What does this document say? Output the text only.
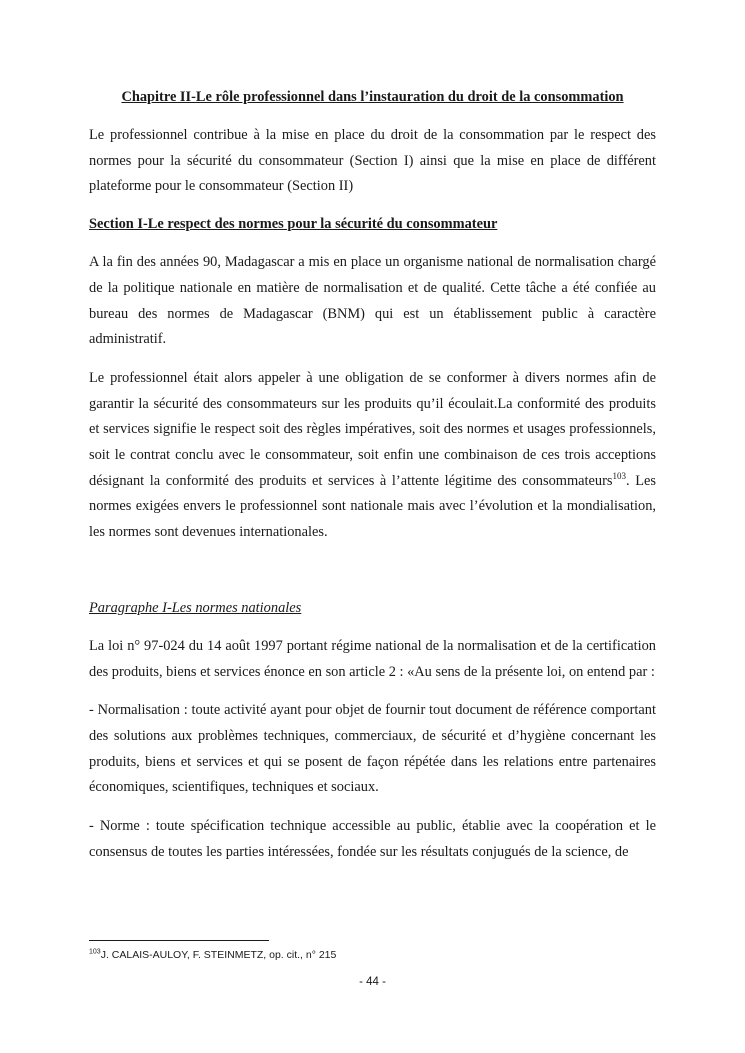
Chapitre II-Le rôle professionnel dans l’instauration du droit de la consommation

Le professionnel contribue à la mise en place du droit de la consommation par le respect des normes pour la sécurité du consommateur (Section I) ainsi que la mise en place de différent plateforme pour le consommateur (Section II)

Section I-Le respect des normes pour la sécurité du consommateur

A la fin des années 90, Madagascar a mis en place un organisme national de normalisation chargé de la politique nationale en matière de normalisation et de qualité. Cette tâche a été confiée au bureau des normes de Madagascar (BNM) qui est un établissement public à caractère administratif.

Le professionnel était alors appeler à une obligation de se conformer à divers normes afin de garantir la sécurité des consommateurs sur les produits qu’il écoulait.La conformité des produits et services signifie le respect soit des règles impératives, soit des normes et usages professionnels, soit le contrat conclu avec le consommateur, soit enfin une combinaison de ces trois acceptions désignant la conformité des produits et services à l’attente légitime des consommateurs$^{103}$. Les normes exigées envers le professionnel sont nationale mais avec l’évolution et la mondialisation, les normes sont devenues internationales.

Paragraphe I-Les normes nationales

La loi n° 97-024 du 14 août 1997 portant régime national de la normalisation et de la certification des produits, biens et services énonce en son article 2 : «Au sens de la présente loi, on entend par :

- Normalisation : toute activité ayant pour objet de fournir tout document de référence comportant des solutions aux problèmes techniques, commerciaux, de sécurité et d’hygiène concernant les produits, biens et services et qui se posent de façon répétée dans les relations entre partenaires économiques, scientifiques, techniques et sociaux.

- Norme : toute spécification technique accessible au public, établie avec la coopération et le consensus de toutes les parties intéressées, fondée sur les résultats conjugués de la science, de

$^{103}$J. CALAIS-AULOY, F. STEINMETZ, op. cit., n° 215
- 44 -
